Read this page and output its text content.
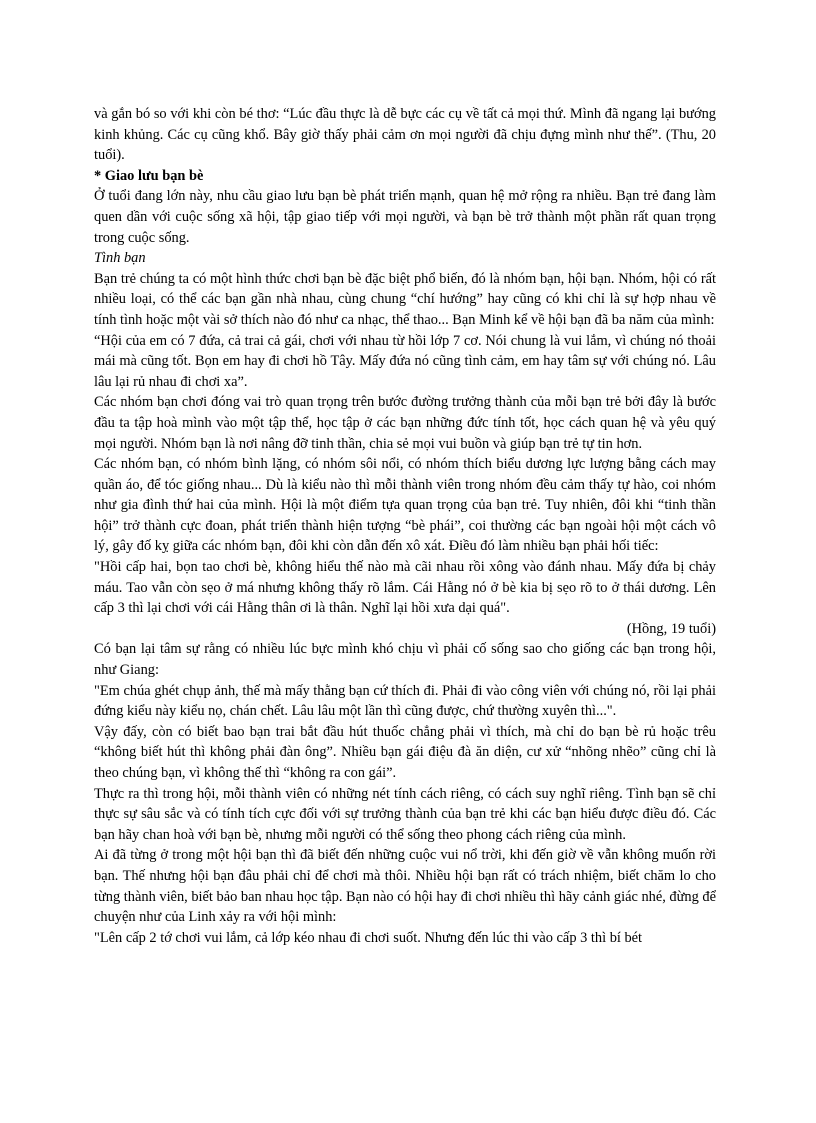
và gắn bó so với khi còn bé thơ: “Lúc đầu thực là dễ bực các cụ về tất cả mọi thứ. Mình đã ngang lại bướng kinh khủng. Các cụ cũng khổ. Bây giờ thấy phải cảm ơn mọi người đã chịu đựng mình như thế”. (Thu, 20 tuổi).

* Giao lưu bạn bè

Ở tuổi đang lớn này, nhu cầu giao lưu bạn bè phát triển mạnh, quan hệ mở rộng ra nhiều. Bạn trẻ đang làm quen dần với cuộc sống xã hội, tập giao tiếp với mọi người, và bạn bè trở thành một phần rất quan trọng trong cuộc sống.

Tình bạn

Bạn trẻ chúng ta có một hình thức chơi bạn bè đặc biệt phổ biến, đó là nhóm bạn, hội bạn. Nhóm, hội có rất nhiều loại, có thể các bạn gần nhà nhau, cùng chung “chí hướng” hay cũng có khi chỉ là sự hợp nhau về tính tình hoặc một vài sở thích nào đó như ca nhạc, thể thao... Bạn Minh kể về hội bạn đã ba năm của mình:

“Hội của em có 7 đứa, cả trai cả gái, chơi với nhau từ hồi lớp 7 cơ. Nói chung là vui lắm, vì chúng nó thoải mái mà cũng tốt. Bọn em hay đi chơi hồ Tây. Mấy đứa nó cũng tình cảm, em hay tâm sự với chúng nó. Lâu lâu lại rủ nhau đi chơi xa”.

Các nhóm bạn chơi đóng vai trò quan trọng trên bước đường trưởng thành của mỗi bạn trẻ bởi đây là bước đầu ta tập hoà mình vào một tập thể, học tập ở các bạn những đức tính tốt, học cách quan hệ và yêu quý mọi người. Nhóm bạn là nơi nâng đỡ tinh thần, chia sẻ mọi vui buồn và giúp bạn trẻ tự tin hơn.

Các nhóm bạn, có nhóm bình lặng, có nhóm sôi nổi, có nhóm thích biểu dương lực lượng bằng cách may quần áo, để tóc giống nhau... Dù là kiểu nào thì mỗi thành viên trong nhóm đều cảm thấy tự hào, coi nhóm như gia đình thứ hai của mình. Hội là một điểm tựa quan trọng của bạn trẻ. Tuy nhiên, đôi khi “tinh thần hội” trở thành cực đoan, phát triển thành hiện tượng “bè phái”, coi thường các bạn ngoài hội một cách vô lý, gây đố kỵ giữa các nhóm bạn, đôi khi còn dẫn đến xô xát. Điều đó làm nhiều bạn phải hối tiếc:

"Hồi cấp hai, bọn tao chơi bè, không hiểu thế nào mà cãi nhau rồi xông vào đánh nhau. Mấy đứa bị chảy máu. Tao vẫn còn sẹo ở má nhưng không thấy rõ lắm. Cái Hằng nó ở bè kia bị sẹo rõ to ở thái dương. Lên cấp 3 thì lại chơi với cái Hằng thân ơi là thân. Nghĩ lại hồi xưa dại quá".

(Hồng, 19 tuổi)

Có bạn lại tâm sự rằng có nhiều lúc bực mình khó chịu vì phải cố sống sao cho giống các bạn trong hội, như Giang:

"Em chúa ghét chụp ảnh, thế mà mấy thằng bạn cứ thích đi. Phải đi vào công viên với chúng nó, rồi lại phải đứng kiểu này kiểu nọ, chán chết. Lâu lâu một lần thì cũng được, chứ thường xuyên thì...".

Vậy đấy, còn có biết bao bạn trai bắt đầu hút thuốc chẳng phải vì thích, mà chỉ do bạn bè rủ hoặc trêu “không biết hút thì không phải đàn ông”. Nhiều bạn gái điệu đà ăn diện, cư xử “nhõng nhẽo” cũng chỉ là theo chúng bạn, vì không thế thì “không ra con gái”.

Thực ra thì trong hội, mỗi thành viên có những nét tính cách riêng, có cách suy nghĩ riêng. Tình bạn sẽ chỉ thực sự sâu sắc và có tính tích cực đối với sự trưởng thành của bạn trẻ khi các bạn hiểu được điều đó. Các bạn hãy chan hoà với bạn bè, nhưng mỗi người có thể sống theo phong cách riêng của mình.

Ai đã từng ở trong một hội bạn thì đã biết đến những cuộc vui nổ trời, khi đến giờ về vẫn không muốn rời bạn. Thế nhưng hội bạn đâu phải chỉ để chơi mà thôi. Nhiều hội bạn rất có trách nhiệm, biết chăm lo cho từng thành viên, biết bảo ban nhau học tập. Bạn nào có hội hay đi chơi nhiều thì hãy cảnh giác nhé, đừng để chuyện như của Linh xảy ra với hội mình:

"Lên cấp 2 tớ chơi vui lắm, cả lớp kéo nhau đi chơi suốt. Nhưng đến lúc thi vào cấp 3 thì bí bét
